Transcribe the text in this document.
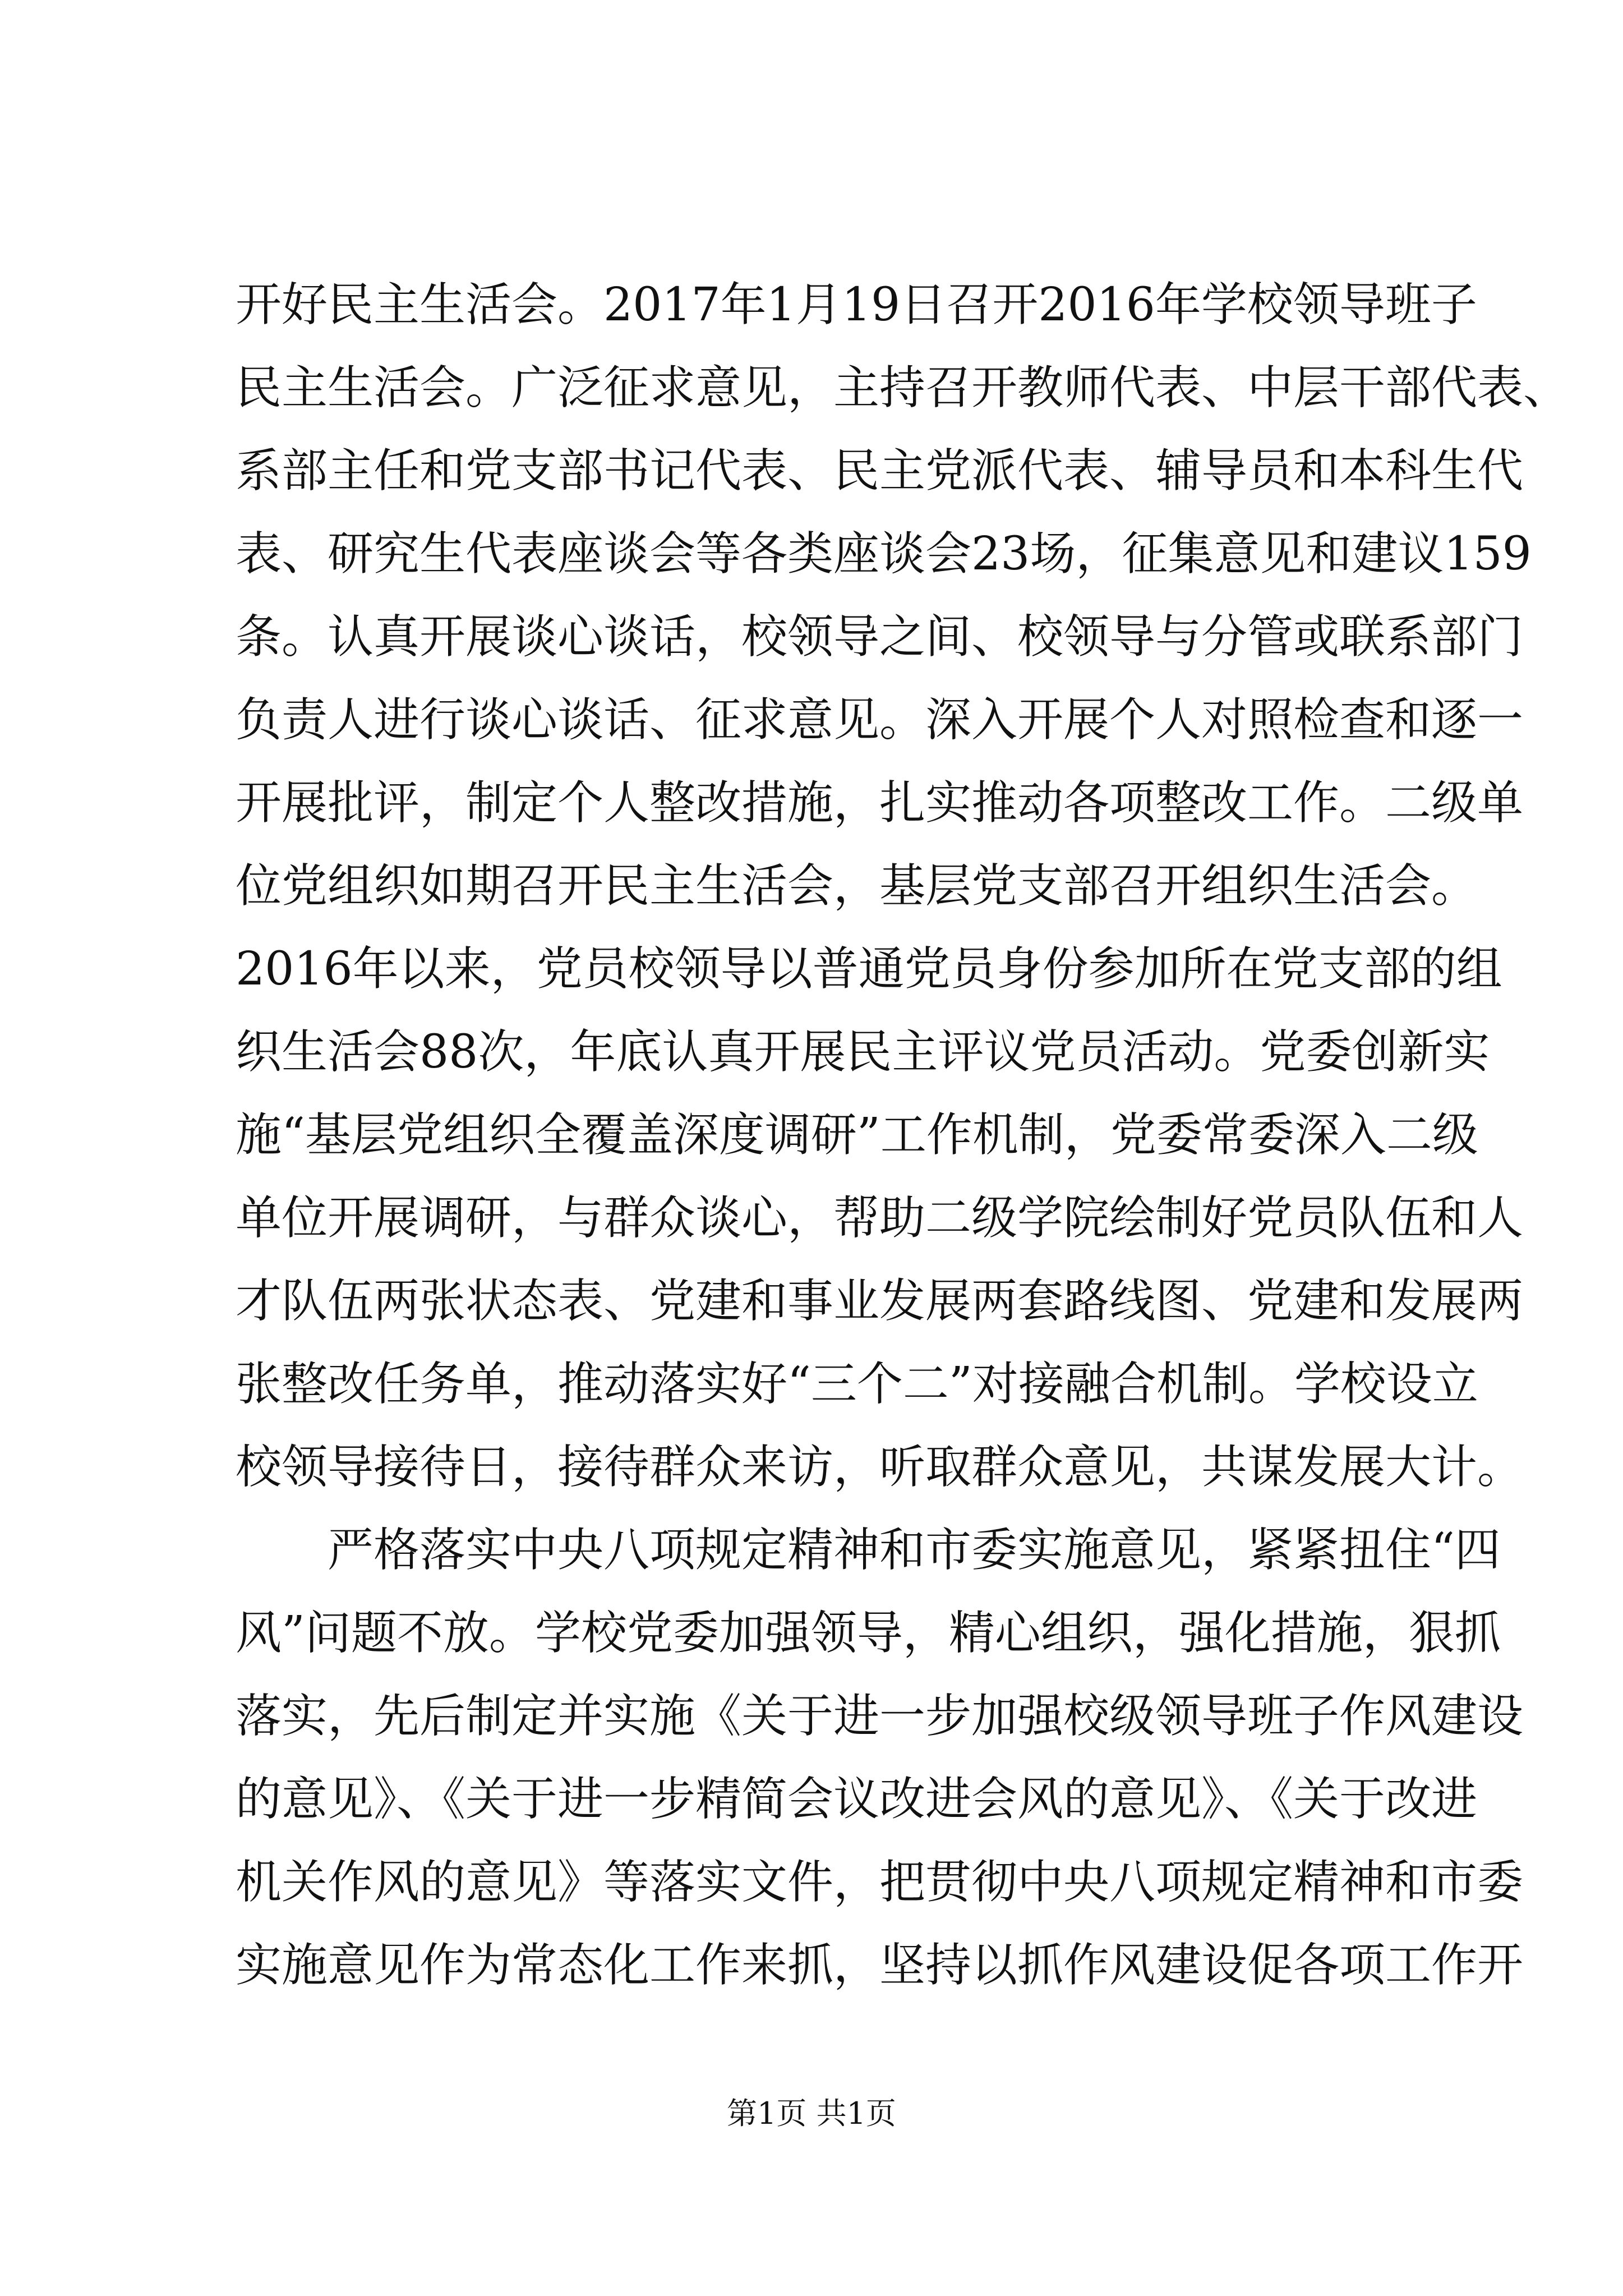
开好民主生活会。2017年1月19日召开2016年学校领导班子
民主生活会。广泛征求意见，主持召开教师代表、中层干部代表、
系部主任和党支部书记代表、民主党派代表、辅导员和本科生代
表、研究生代表座谈会等各类座谈会23场，征集意见和建议159
条。认真开展谈心谈话，校领导之间、校领导与分管或联系部门
负责人进行谈心谈话、征求意见。深入开展个人对照检查和逐一
开展批评，制定个人整改措施，扎实推动各项整改工作。二级单
位党组织如期召开民主生活会，基层党支部召开组织生活会。
2016年以来，党员校领导以普通党员身份参加所在党支部的组
织生活会88次，年底认真开展民主评议党员活动。党委创新实
施“基层党组织全覆盖深度调研”工作机制，党委常委深入二级
单位开展调研，与群众谈心，帮助二级学院绘制好党员队伍和人
才队伍两张状态表、党建和事业发展两套路线图、党建和发展两
张整改任务单，推动落实好“三个二”对接融合机制。学校设立
校领导接待日，接待群众来访，听取群众意见，共谋发展大计。
严格落实中央八项规定精神和市委实施意见，紧紧扭住“四
风”问题不放。学校党委加强领导，精心组织，强化措施，狠抓
落实，先后制定并实施《关于进一步加强校级领导班子作风建设
的意见》、《关于进一步精简会议改进会风的意见》、《关于改进
机关作风的意见》等落实文件，把贯彻中央八项规定精神和市委
实施意见作为常态化工作来抓，坚持以抓作风建设促各项工作开
第1页 共1页
